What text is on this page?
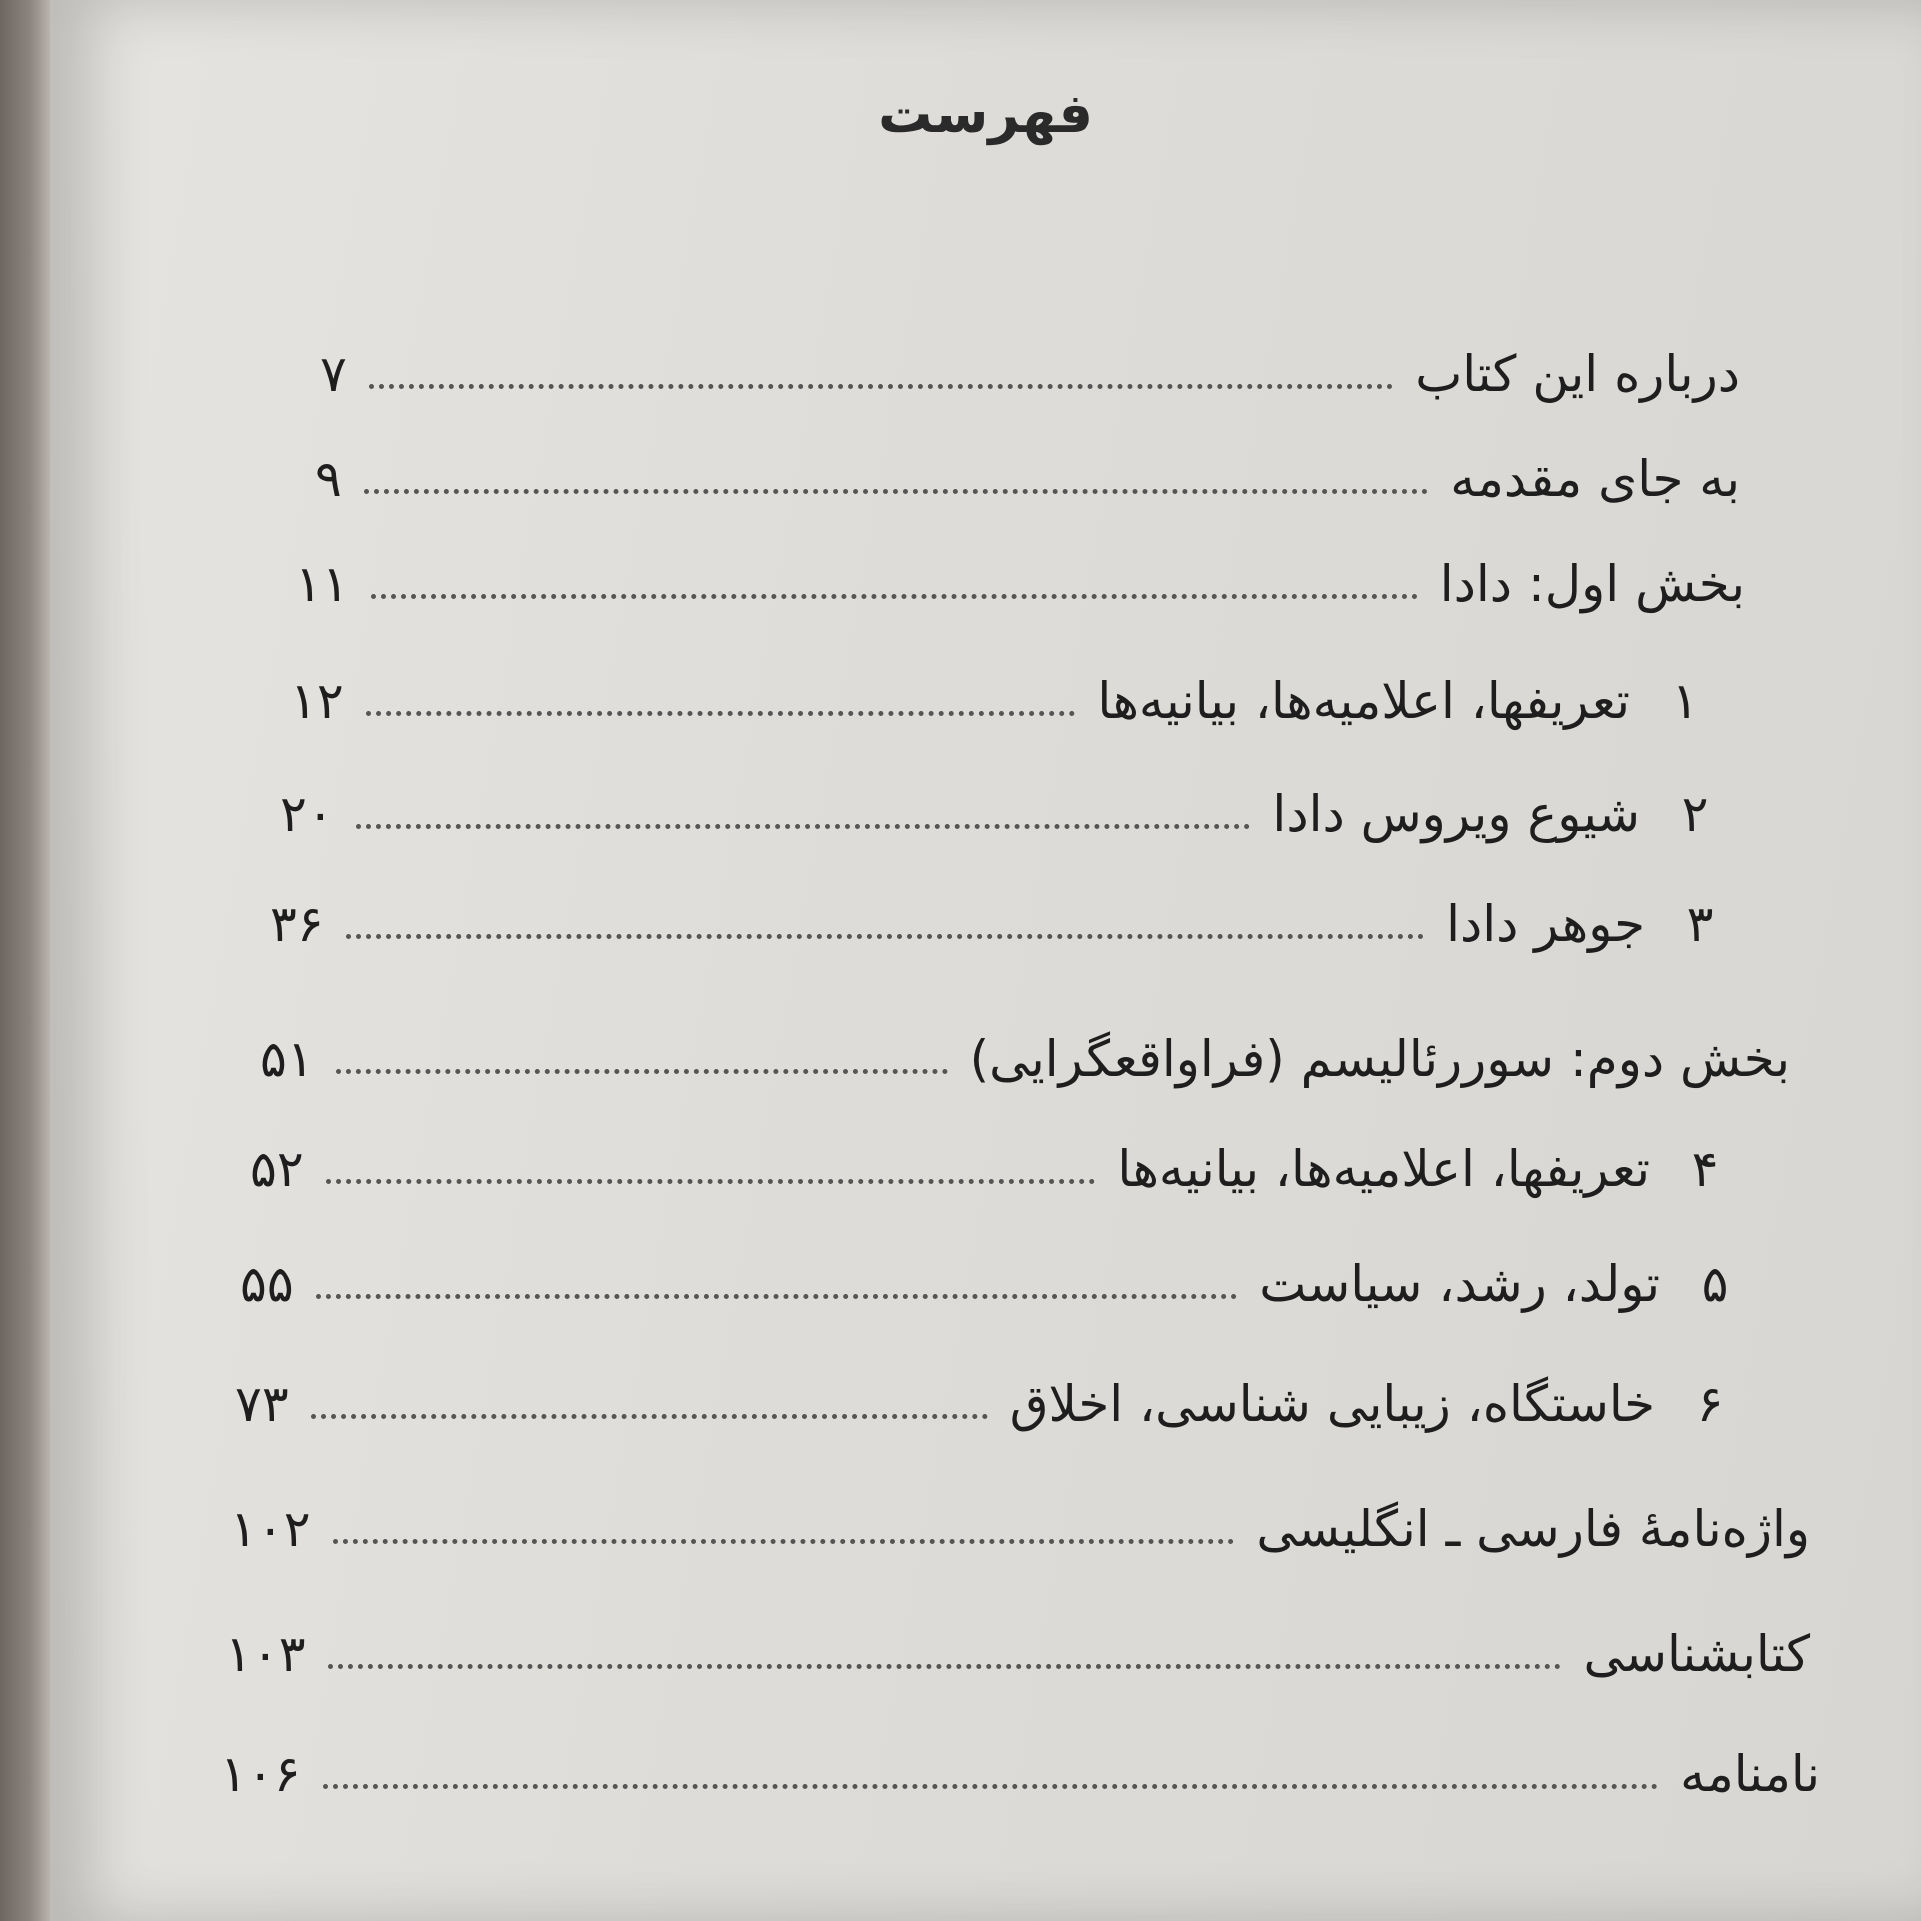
فهرست
درباره این کتاب
۷
به جای مقدمه
۹
بخش اول: دادا
۱۱
۱
تعریفها، اعلامیه‌ها، بیانیه‌ها
۱۲
۲
شیوع ویروس دادا
۲۰
۳
جوهر دادا
۳۶
بخش دوم: سوررئالیسم (فراواقعگرایی)
۵۱
۴
تعریفها، اعلامیه‌ها، بیانیه‌ها
۵۲
۵
تولد، رشد، سیاست
۵۵
۶
خاستگاه، زیبایی شناسی، اخلاق
۷۳
واژه‌نامهٔ فارسی ـ انگلیسی
۱۰۲
کتابشناسی
۱۰۳
نامنامه
۱۰۶
